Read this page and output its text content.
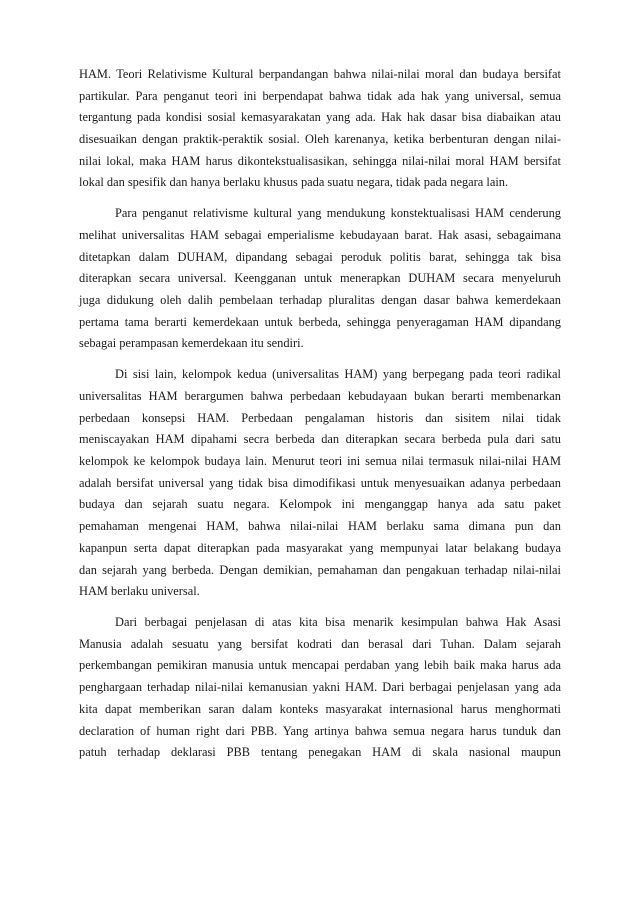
HAM. Teori Relativisme Kultural berpandangan bahwa nilai-nilai moral dan budaya bersifat
partikular. Para penganut teori ini berpendapat bahwa tidak ada hak yang universal, semua
tergantung pada kondisi sosial kemasyarakatan yang ada. Hak hak dasar bisa diabaikan atau
disesuaikan dengan praktik-peraktik sosial. Oleh karenanya, ketika berbenturan dengan nilai-
nilai lokal, maka HAM harus dikontekstualisasikan, sehingga nilai-nilai moral HAM bersifat
lokal dan spesifik dan hanya berlaku khusus pada suatu negara, tidak pada negara lain.

Para penganut relativisme kultural yang mendukung konstektualisasi HAM cenderung
melihat universalitas HAM sebagai emperialisme kebudayaan barat. Hak asasi, sebagaimana
ditetapkan dalam DUHAM, dipandang sebagai peroduk politis barat, sehingga tak bisa
diterapkan secara universal. Keengganan untuk menerapkan DUHAM secara menyeluruh
juga didukung oleh dalih pembelaan terhadap pluralitas dengan dasar bahwa kemerdekaan
pertama tama berarti kemerdekaan untuk berbeda, sehingga penyeragaman HAM dipandang
sebagai perampasan kemerdekaan itu sendiri.

Di sisi lain, kelompok kedua (universalitas HAM) yang berpegang pada teori radikal
universalitas HAM berargumen bahwa perbedaan kebudayaan bukan berarti membenarkan
perbedaan konsepsi HAM. Perbedaan pengalaman historis dan sisitem nilai tidak
meniscayakan HAM dipahami secra berbeda dan diterapkan secara berbeda pula dari satu
kelompok ke kelompok budaya lain. Menurut teori ini semua nilai termasuk nilai-nilai HAM
adalah bersifat universal yang tidak bisa dimodifikasi untuk menyesuaikan adanya perbedaan
budaya dan sejarah suatu negara. Kelompok ini menganggap hanya ada satu paket
pemahaman mengenai HAM, bahwa nilai-nilai HAM berlaku sama dimana pun dan
kapanpun serta dapat diterapkan pada masyarakat yang mempunyai latar belakang budaya
dan sejarah yang berbeda. Dengan demikian, pemahaman dan pengakuan terhadap nilai-nilai
HAM berlaku universal.

Dari berbagai penjelasan di atas kita bisa menarik kesimpulan bahwa Hak Asasi
Manusia adalah sesuatu yang bersifat kodrati dan berasal dari Tuhan. Dalam sejarah
perkembangan pemikiran manusia untuk mencapai perdaban yang lebih baik maka harus ada
penghargaan terhadap nilai-nilai kemanusian yakni HAM. Dari berbagai penjelasan yang ada
kita dapat memberikan saran dalam konteks masyarakat internasional harus menghormati
declaration of human right dari PBB. Yang artinya bahwa semua negara harus tunduk dan
patuh terhadap deklarasi PBB tentang penegakan HAM di skala nasional maupun
